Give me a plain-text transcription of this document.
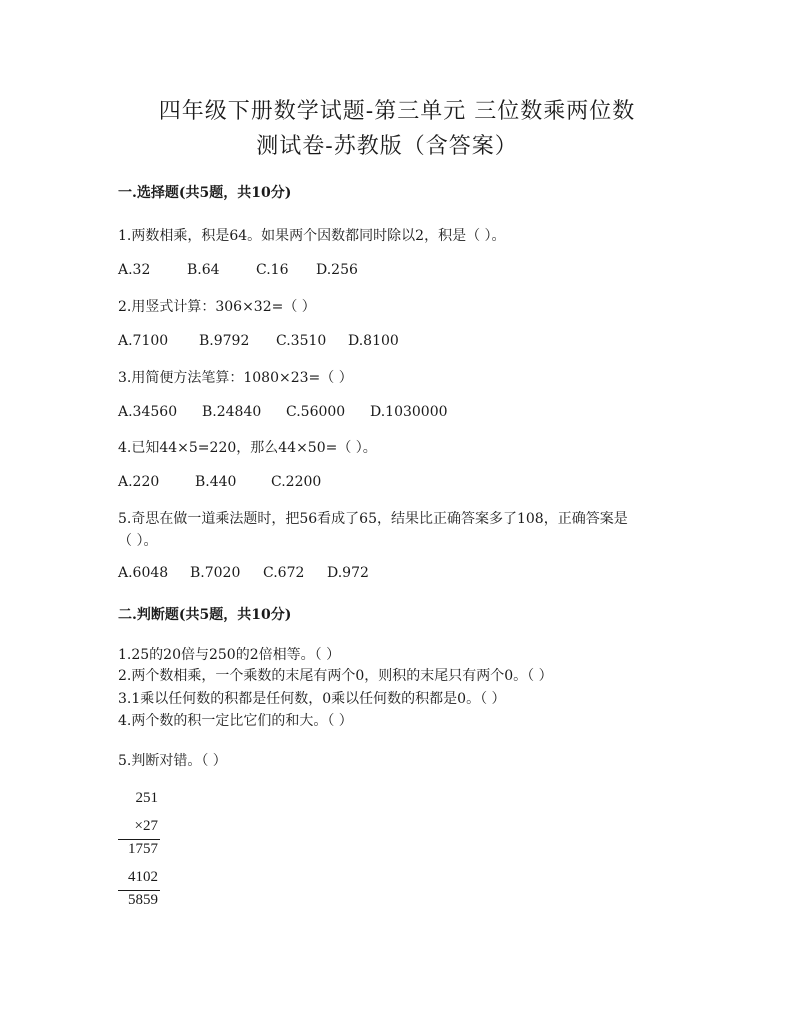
四年级下册数学试题-第三单元 三位数乘两位数
测试卷-苏教版（含答案）
一.选择题(共5题，共10分)
1.两数相乘，积是64。如果两个因数都同时除以2，积是（ ）。
A.32	B.64	C.16 D.256
2.用竖式计算：306×32=（ ）
A.7100 B.9792 C.3510 D.8100
3.用简便方法笔算：1080×23=（ ）
A.34560 B.24840 C.56000 D.1030000
4.已知44×5=220，那么44×50=（ ）。
A.220	B.440 C.2200
5.奇思在做一道乘法题时，把56看成了65，结果比正确答案多了108，正确答案是
（ ）。
A.6048 B.7020 C.672 D.972
二.判断题(共5题，共10分)
1.25的20倍与250的2倍相等。（ ）
2.两个数相乘，一个乘数的末尾有两个0，则积的末尾只有两个0。（ ）
3.1乘以任何数的积都是任何数，0乘以任何数的积都是0。（ ）
4.两个数的积一定比它们的和大。（ ）
5.判断对错。（ ）
251
×27
1757
4102
5859
